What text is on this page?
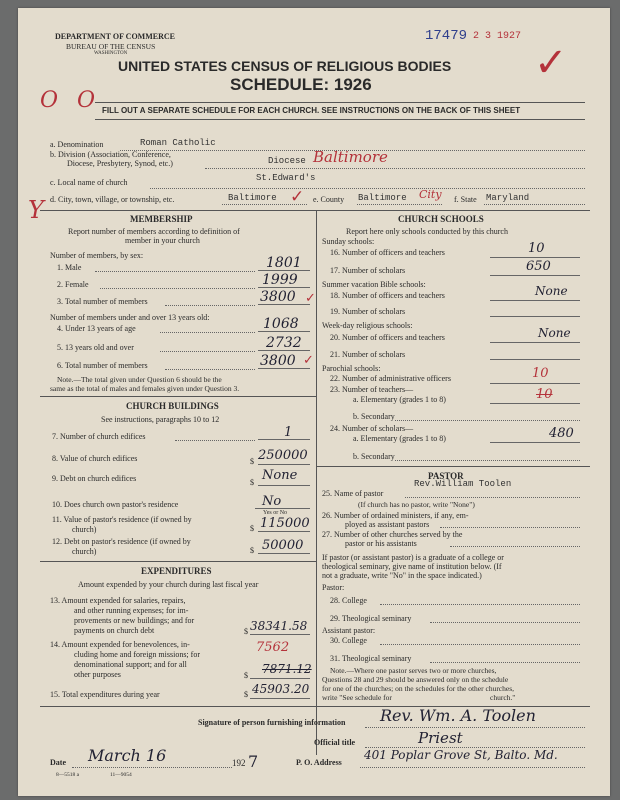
DEPARTMENT OF COMMERCE
BUREAU OF THE CENSUS
WASHINGTON
17479 2 3 1927
✓
UNITED STATES CENSUS OF RELIGIOUS BODIES
SCHEDULE: 1926
O O FILL OUT A SEPARATE SCHEDULE FOR EACH CHURCH. SEE INSTRUCTIONS ON THE BACK OF THIS SHEET
a. Denomination	Roman Catholic
b. Division (Association, Conference,
Diocese, Presbytery, Synod, etc.)	Diocese Baltimore
c. Local name of church	St.Edward's
Y d. City, town, village, or township, etc.	Baltimore ✓ e. County Baltimore City f. State Maryland
MEMBERSHIP
Report number of members according to definition of
member in your church
Number of members, by sex:
1. Male	1801
2. Female	1999
3. Total number of members	3800 ✓
Number of members under and over 13 years old:
4. Under 13 years of age	1068
5. 13 years old and over	2732
6. Total number of members	3800 ✓
Note.—The total given under Question 6 should be the
same as the total of males and females given under Question 3.
CHURCH BUILDINGS
See instructions, paragraphs 10 to 12
7. Number of church edifices	1
8. Value of church edifices	$ 250000
9. Debt on church edifices	$ None
10. Does church own pastor's residence	No
Yes or No
11. Value of pastor's residence (if owned by
church)	$ 115000
12. Debt on pastor's residence (if owned by
church)	$ 50000
EXPENDITURES
Amount expended by your church during last fiscal year
13. Amount expended for salaries, repairs,
and other running expenses; for im-
provements or new buildings; and for
payments on church debt	$ 38341.58
14. Amount expended for benevolences, in-
cluding home and foreign missions; for
denominational support; and for all
other purposes
7562
$ 7871.12
15. Total expenditures during year	$ 45903.20
CHURCH SCHOOLS
Report here only schools conducted by this church
Sunday schools:
16. Number of officers and teachers	10
17. Number of scholars	650
Summer vacation Bible schools:
18. Number of officers and teachers	None
19. Number of scholars
Week-day religious schools:
20. Number of officers and teachers	None
21. Number of scholars
Parochial schools:
22. Number of administrative officers	10
23. Number of teachers—
a. Elementary (grades 1 to 8)	10
b. Secondary
24. Number of scholars—
a. Elementary (grades 1 to 8)	480
b. Secondary
PASTOR
25. Name of pastor
Rev.William Toolen
(If church has no pastor, write "None")
26. Number of ordained ministers, if any, em-
ployed as assistant pastors
27. Number of other churches served by the
pastor or his assistants
If pastor (or assistant pastor) is a graduate of a college or
theological seminary, give name of institution below. (If
not a graduate, write "No" in the space indicated.)
Pastor:
28. College
29. Theological seminary
Assistant pastor:
30. College
31. Theological seminary
Note.—Where one pastor serves two or more churches,
Questions 28 and 29 should be answered only on the schedule
for one of the churches; on the schedules for the other churches,
write "See schedule for	church."
Signature of person furnishing information Rev. Wm. A. Toolen
Official title	Priest
Date March 16	192 7	P. O. Address
401 Poplar Grove St, Balto. Md.
8—5518 a	11—9054
